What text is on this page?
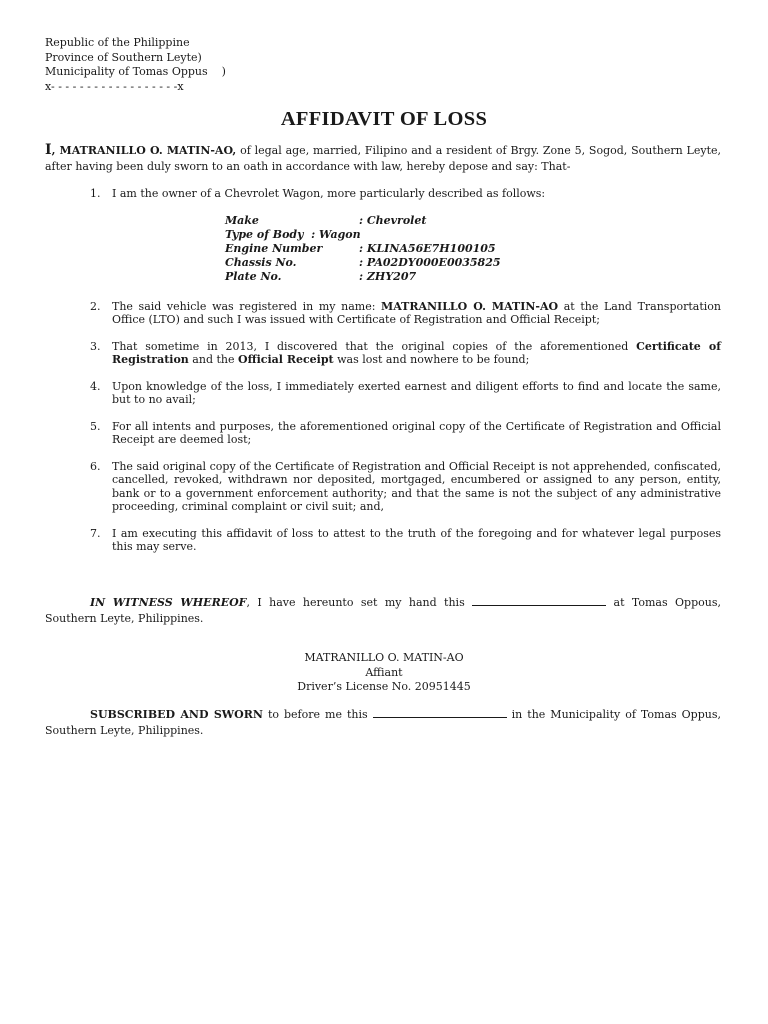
Republic of the Philippine
Province of Southern Leyte)
Municipality of Tomas Oppus    )
x- - - - - - - - - - - - - - - - - -x
AFFIDAVIT OF LOSS
I, MATRANILLO O. MATIN-AO, of legal age, married, Filipino and a resident of Brgy. Zone 5, Sogod, Southern Leyte, after having been duly sworn to an oath in accordance with law, hereby depose and say: That-
1. I am the owner of a Chevrolet Wagon, more particularly described as follows:
Make	: Chevrolet
Type of Body  : Wagon
Engine Number	: KLINA56E7H100105
Chassis No.	: PA02DY000E0035825
Plate No.	: ZHY207
2. The said vehicle was registered in my name: MATRANILLO O. MATIN-AO at the Land Transportation Office (LTO) and such I was issued with Certificate of Registration and Official Receipt;
3. That sometime in 2013, I discovered that the original copies of the aforementioned Certificate of Registration and the Official Receipt was lost and nowhere to be found;
4. Upon knowledge of the loss, I immediately exerted earnest and diligent efforts to find and locate the same, but to no avail;
5. For all intents and purposes, the aforementioned original copy of the Certificate of Registration and Official Receipt are deemed lost;
6. The said original copy of the Certificate of Registration and Official Receipt is not apprehended, confiscated, cancelled, revoked, withdrawn nor deposited, mortgaged, encumbered or assigned to any person, entity, bank or to a government enforcement authority; and that the same is not the subject of any administrative proceeding, criminal complaint or civil suit; and,
7. I am executing this affidavit of loss to attest to the truth of the foregoing and for whatever legal purposes this may serve.
IN WITNESS WHEREOF, I have hereunto set my hand this	at Tomas Oppous, Southern Leyte, Philippines.
MATRANILLO O. MATIN-AO
Affiant
Driver’s License No. 20951445
SUBSCRIBED AND SWORN to before me this	in the Municipality of Tomas Oppus, Southern Leyte, Philippines.
